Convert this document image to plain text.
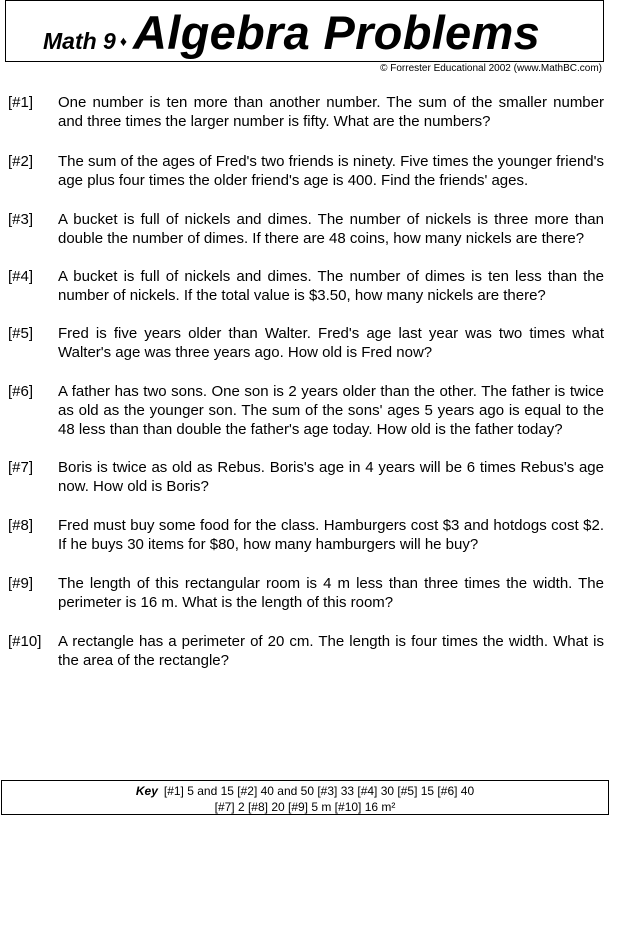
Math 9 ♦ Algebra Problems
© Forrester Educational 2002 (www.MathBC.com)
[#1]	One number is ten more than another number. The sum of the smaller number and three times the larger number is fifty. What are the numbers?
[#2]	The sum of the ages of Fred's two friends is ninety. Five times the younger friend's age plus four times the older friend's age is 400. Find the friends' ages.
[#3]	A bucket is full of nickels and dimes. The number of nickels is three more than double the number of dimes. If there are 48 coins, how many nickels are there?
[#4]	A bucket is full of nickels and dimes. The number of dimes is ten less than the number of nickels. If the total value is $3.50, how many nickels are there?
[#5]	Fred is five years older than Walter. Fred's age last year was two times what Walter's age was three years ago. How old is Fred now?
[#6]	A father has two sons. One son is 2 years older than the other. The father is twice as old as the younger son. The sum of the sons' ages 5 years ago is equal to the 48 less than than double the father's age today. How old is the father today?
[#7]	Boris is twice as old as Rebus. Boris's age in 4 years will be 6 times Rebus's age now. How old is Boris?
[#8]	Fred must buy some food for the class. Hamburgers cost $3 and hotdogs cost $2. If he buys 30 items for $80, how many hamburgers will he buy?
[#9]	The length of this rectangular room is 4 m less than three times the width. The perimeter is 16 m. What is the length of this room?
[#10]	A rectangle has a perimeter of 20 cm. The length is four times the width. What is the area of the rectangle?
Key [#1] 5 and 15 [#2] 40 and 50 [#3] 33 [#4] 30 [#5] 15 [#6] 40
[#7] 2 [#8] 20 [#9] 5 m [#10] 16 m²
